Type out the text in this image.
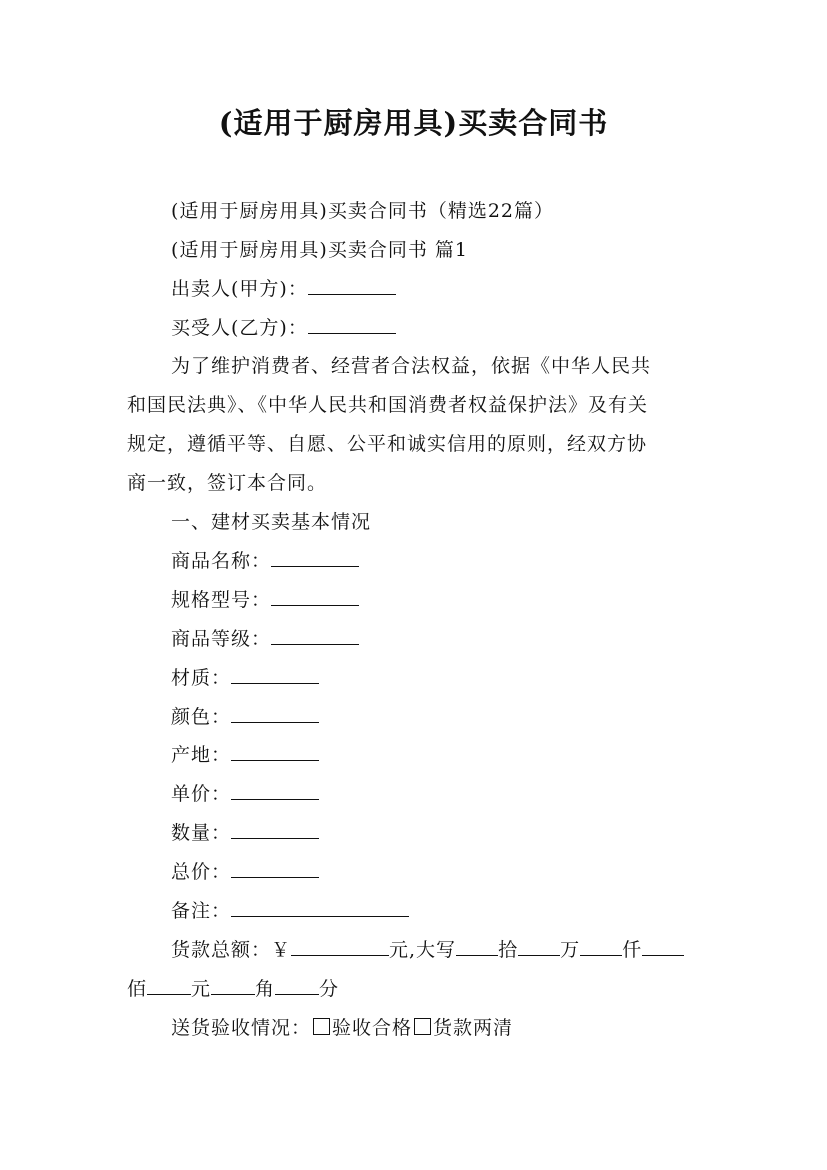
(适用于厨房用具)买卖合同书
(适用于厨房用具)买卖合同书（精选22篇）
(适用于厨房用具)买卖合同书 篇1
出卖人(甲方)：
买受人(乙方)：
为了维护消费者、经营者合法权益，依据《中华人民共
和国民法典》、《中华人民共和国消费者权益保护法》及有关
规定，遵循平等、自愿、公平和诚实信用的原则，经双方协
商一致，签订本合同。
一、建材买卖基本情况
商品名称：
规格型号：
商品等级：
材质：
颜色：
产地：
单价：
数量：
总价：
备注：
货款总额：￥	元,大写 拾 万 仟
佰 元 角 分
送货验收情况： 验收合格 货款两清
